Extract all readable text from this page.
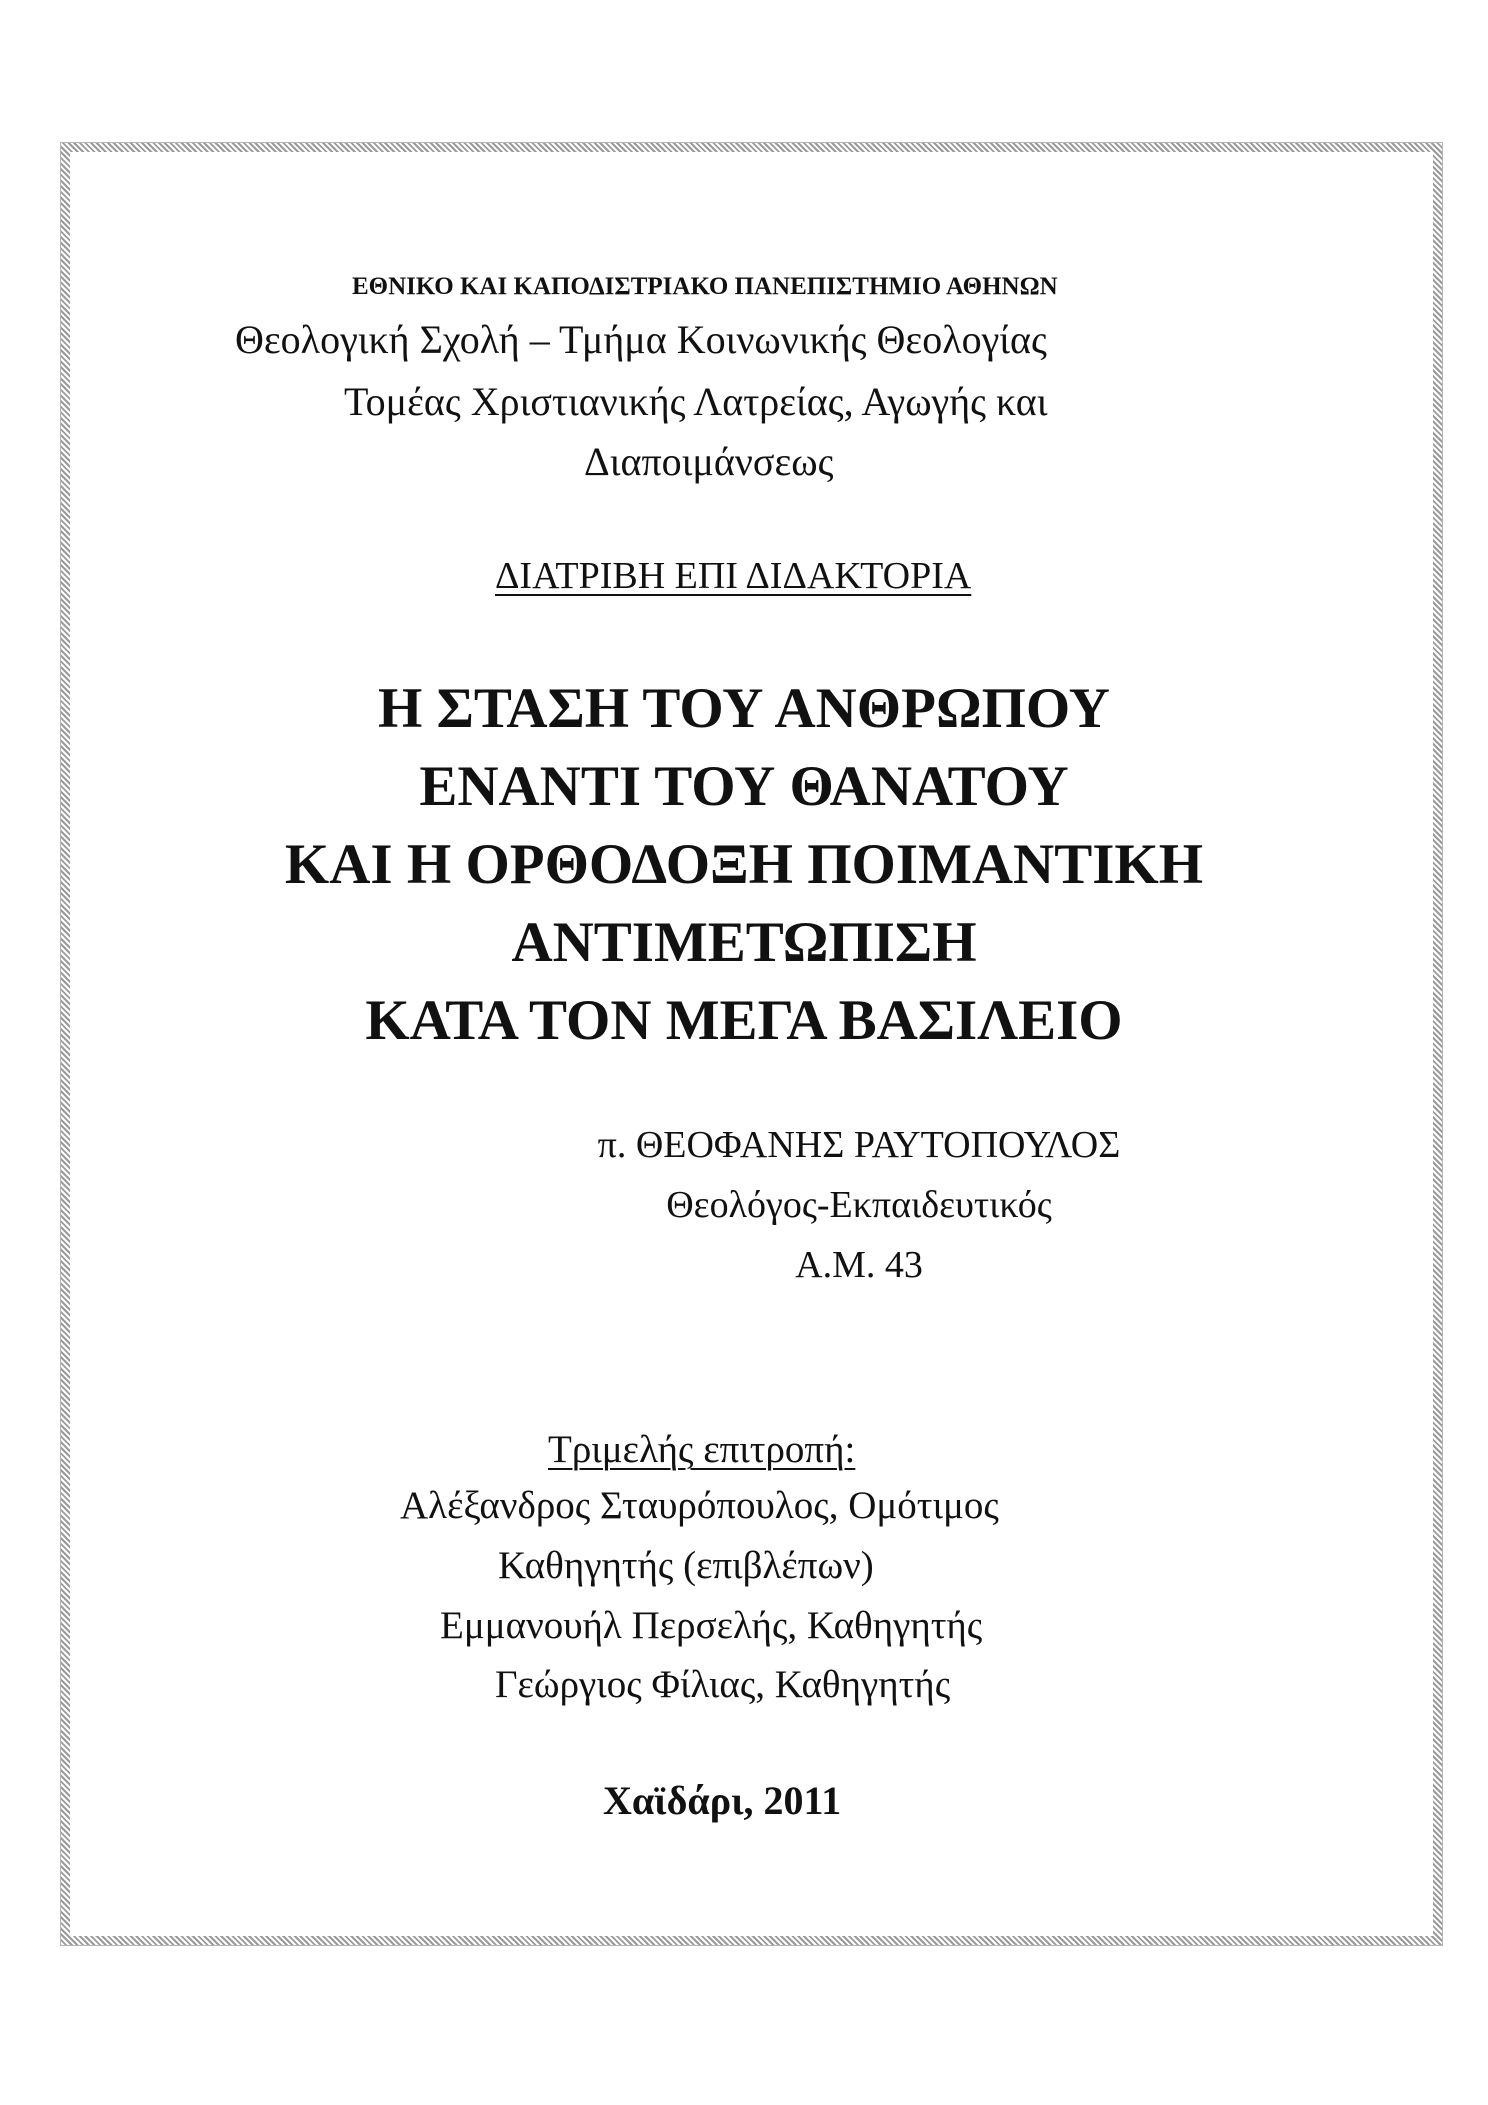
ΕΘΝΙΚΟ ΚΑΙ ΚΑΠΟΔΙΣΤΡΙΑΚΟ ΠΑΝΕΠΙΣΤΗΜΙΟ ΑΘΗΝΩΝ
Θεολογική Σχολή – Τμήμα Κοινωνικής Θεολογίας
Τομέας Χριστιανικής Λατρείας, Αγωγής και
Διαποιμάνσεως
ΔΙΑΤΡΙΒΗ ΕΠΙ ΔΙΔΑΚΤΟΡΙΑ
Η ΣΤΑΣΗ ΤΟΥ ΑΝΘΡΩΠΟΥ
ΕΝΑΝΤΙ ΤΟΥ ΘΑΝΑΤΟΥ
ΚΑΙ Η ΟΡΘΟΔΟΞΗ ΠΟΙΜΑΝΤΙΚΗ
ΑΝΤΙΜΕΤΩΠΙΣΗ
ΚΑΤΑ ΤΟΝ ΜΕΓΑ ΒΑΣΙΛΕΙΟ
π. ΘΕΟΦΑΝΗΣ ΡΑΥΤΟΠΟΥΛΟΣ
Θεολόγος-Εκπαιδευτικός
Α.Μ. 43
Τριμελής επιτροπή:
Αλέξανδρος Σταυρόπουλος, Ομότιμος
Καθηγητής (επιβλέπων)
Εμμανουήλ Περσελής, Καθηγητής
Γεώργιος Φίλιας, Καθηγητής
Χαϊδάρι, 2011
